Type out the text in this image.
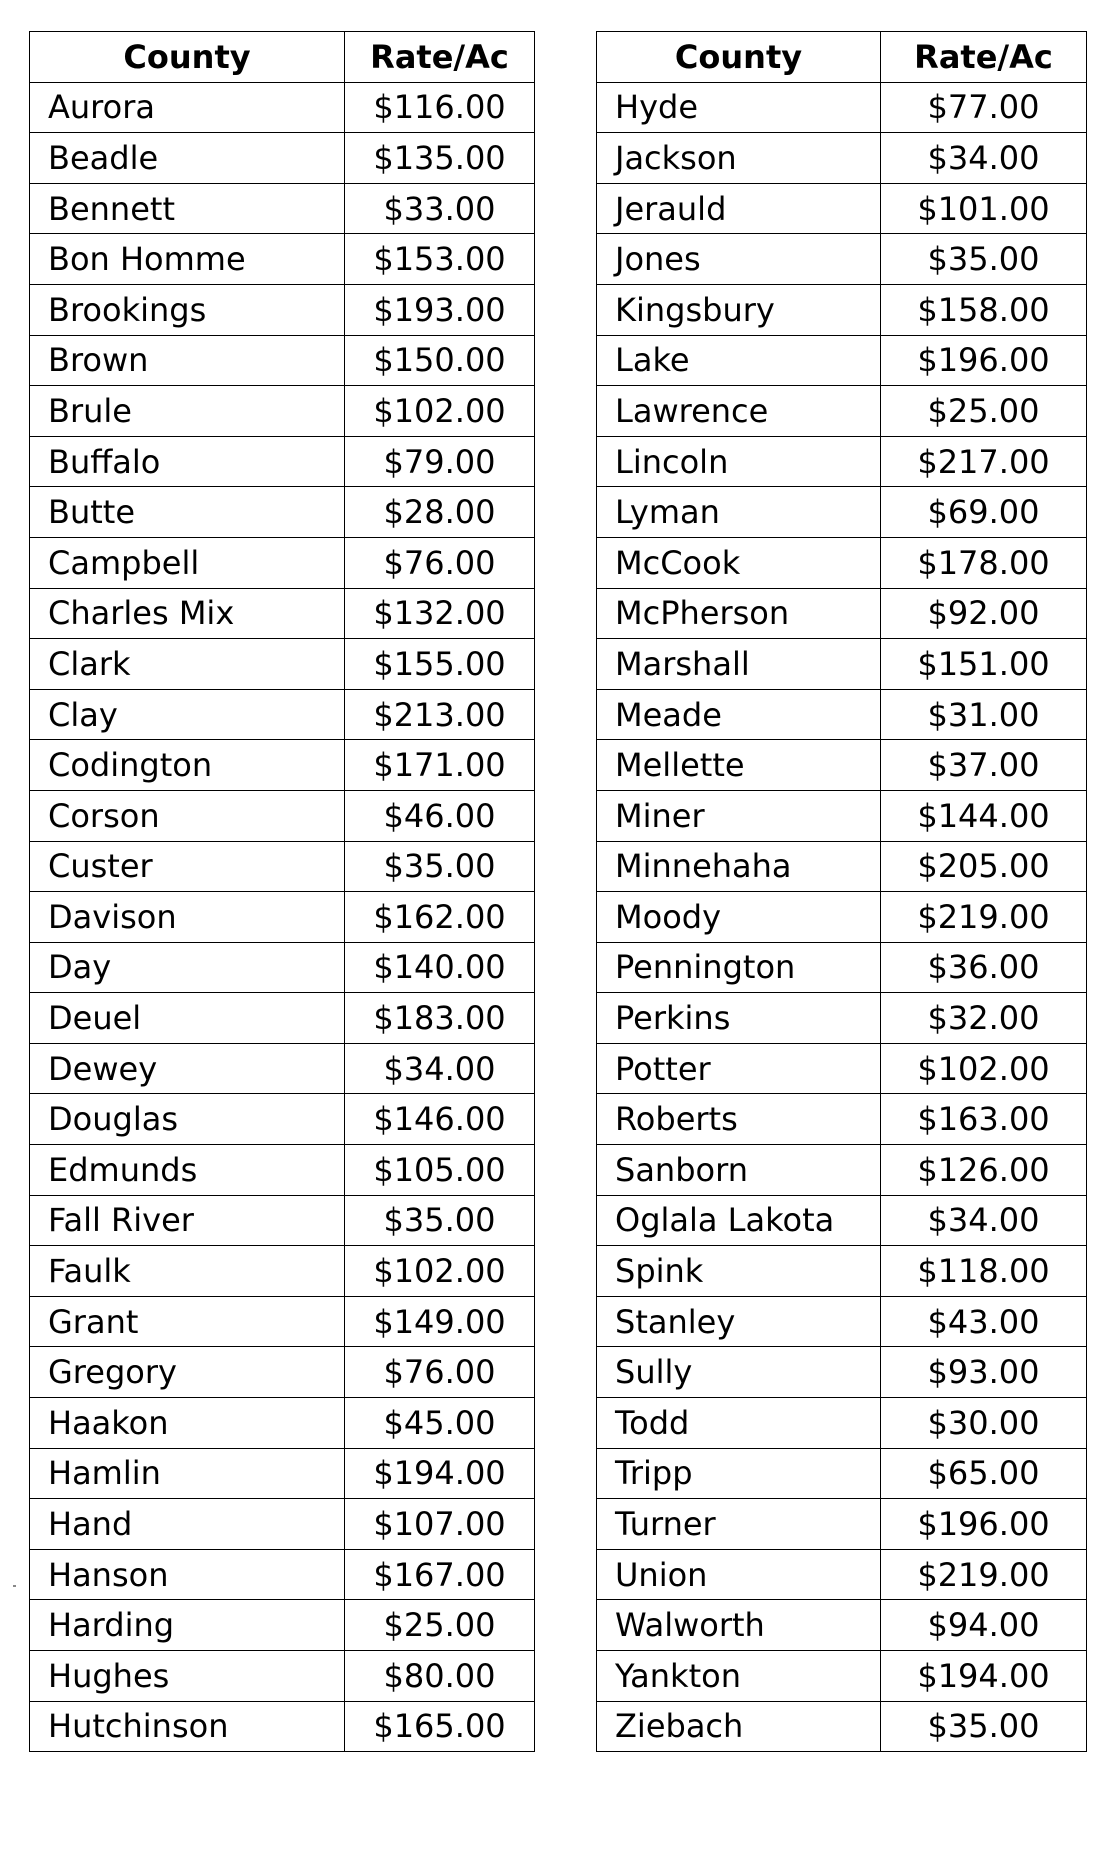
County	Rate/Ac
Aurora	$116.00
Beadle	$135.00
Bennett	$33.00
Bon Homme	$153.00
Brookings	$193.00
Brown	$150.00
Brule	$102.00
Buffalo	$79.00
Butte	$28.00
Campbell	$76.00
Charles Mix	$132.00
Clark	$155.00
Clay	$213.00
Codington	$171.00
Corson	$46.00
Custer	$35.00
Davison	$162.00
Day	$140.00
Deuel	$183.00
Dewey	$34.00
Douglas	$146.00
Edmunds	$105.00
Fall River	$35.00
Faulk	$102.00
Grant	$149.00
Gregory	$76.00
Haakon	$45.00
Hamlin	$194.00
Hand	$107.00
Hanson	$167.00
Harding	$25.00
Hughes	$80.00
Hutchinson	$165.00
County	Rate/Ac
Hyde	$77.00
Jackson	$34.00
Jerauld	$101.00
Jones	$35.00
Kingsbury	$158.00
Lake	$196.00
Lawrence	$25.00
Lincoln	$217.00
Lyman	$69.00
McCook	$178.00
McPherson	$92.00
Marshall	$151.00
Meade	$31.00
Mellette	$37.00
Miner	$144.00
Minnehaha	$205.00
Moody	$219.00
Pennington	$36.00
Perkins	$32.00
Potter	$102.00
Roberts	$163.00
Sanborn	$126.00
Oglala Lakota	$34.00
Spink	$118.00
Stanley	$43.00
Sully	$93.00
Todd	$30.00
Tripp	$65.00
Turner	$196.00
Union	$219.00
Walworth	$94.00
Yankton	$194.00
Ziebach	$35.00
